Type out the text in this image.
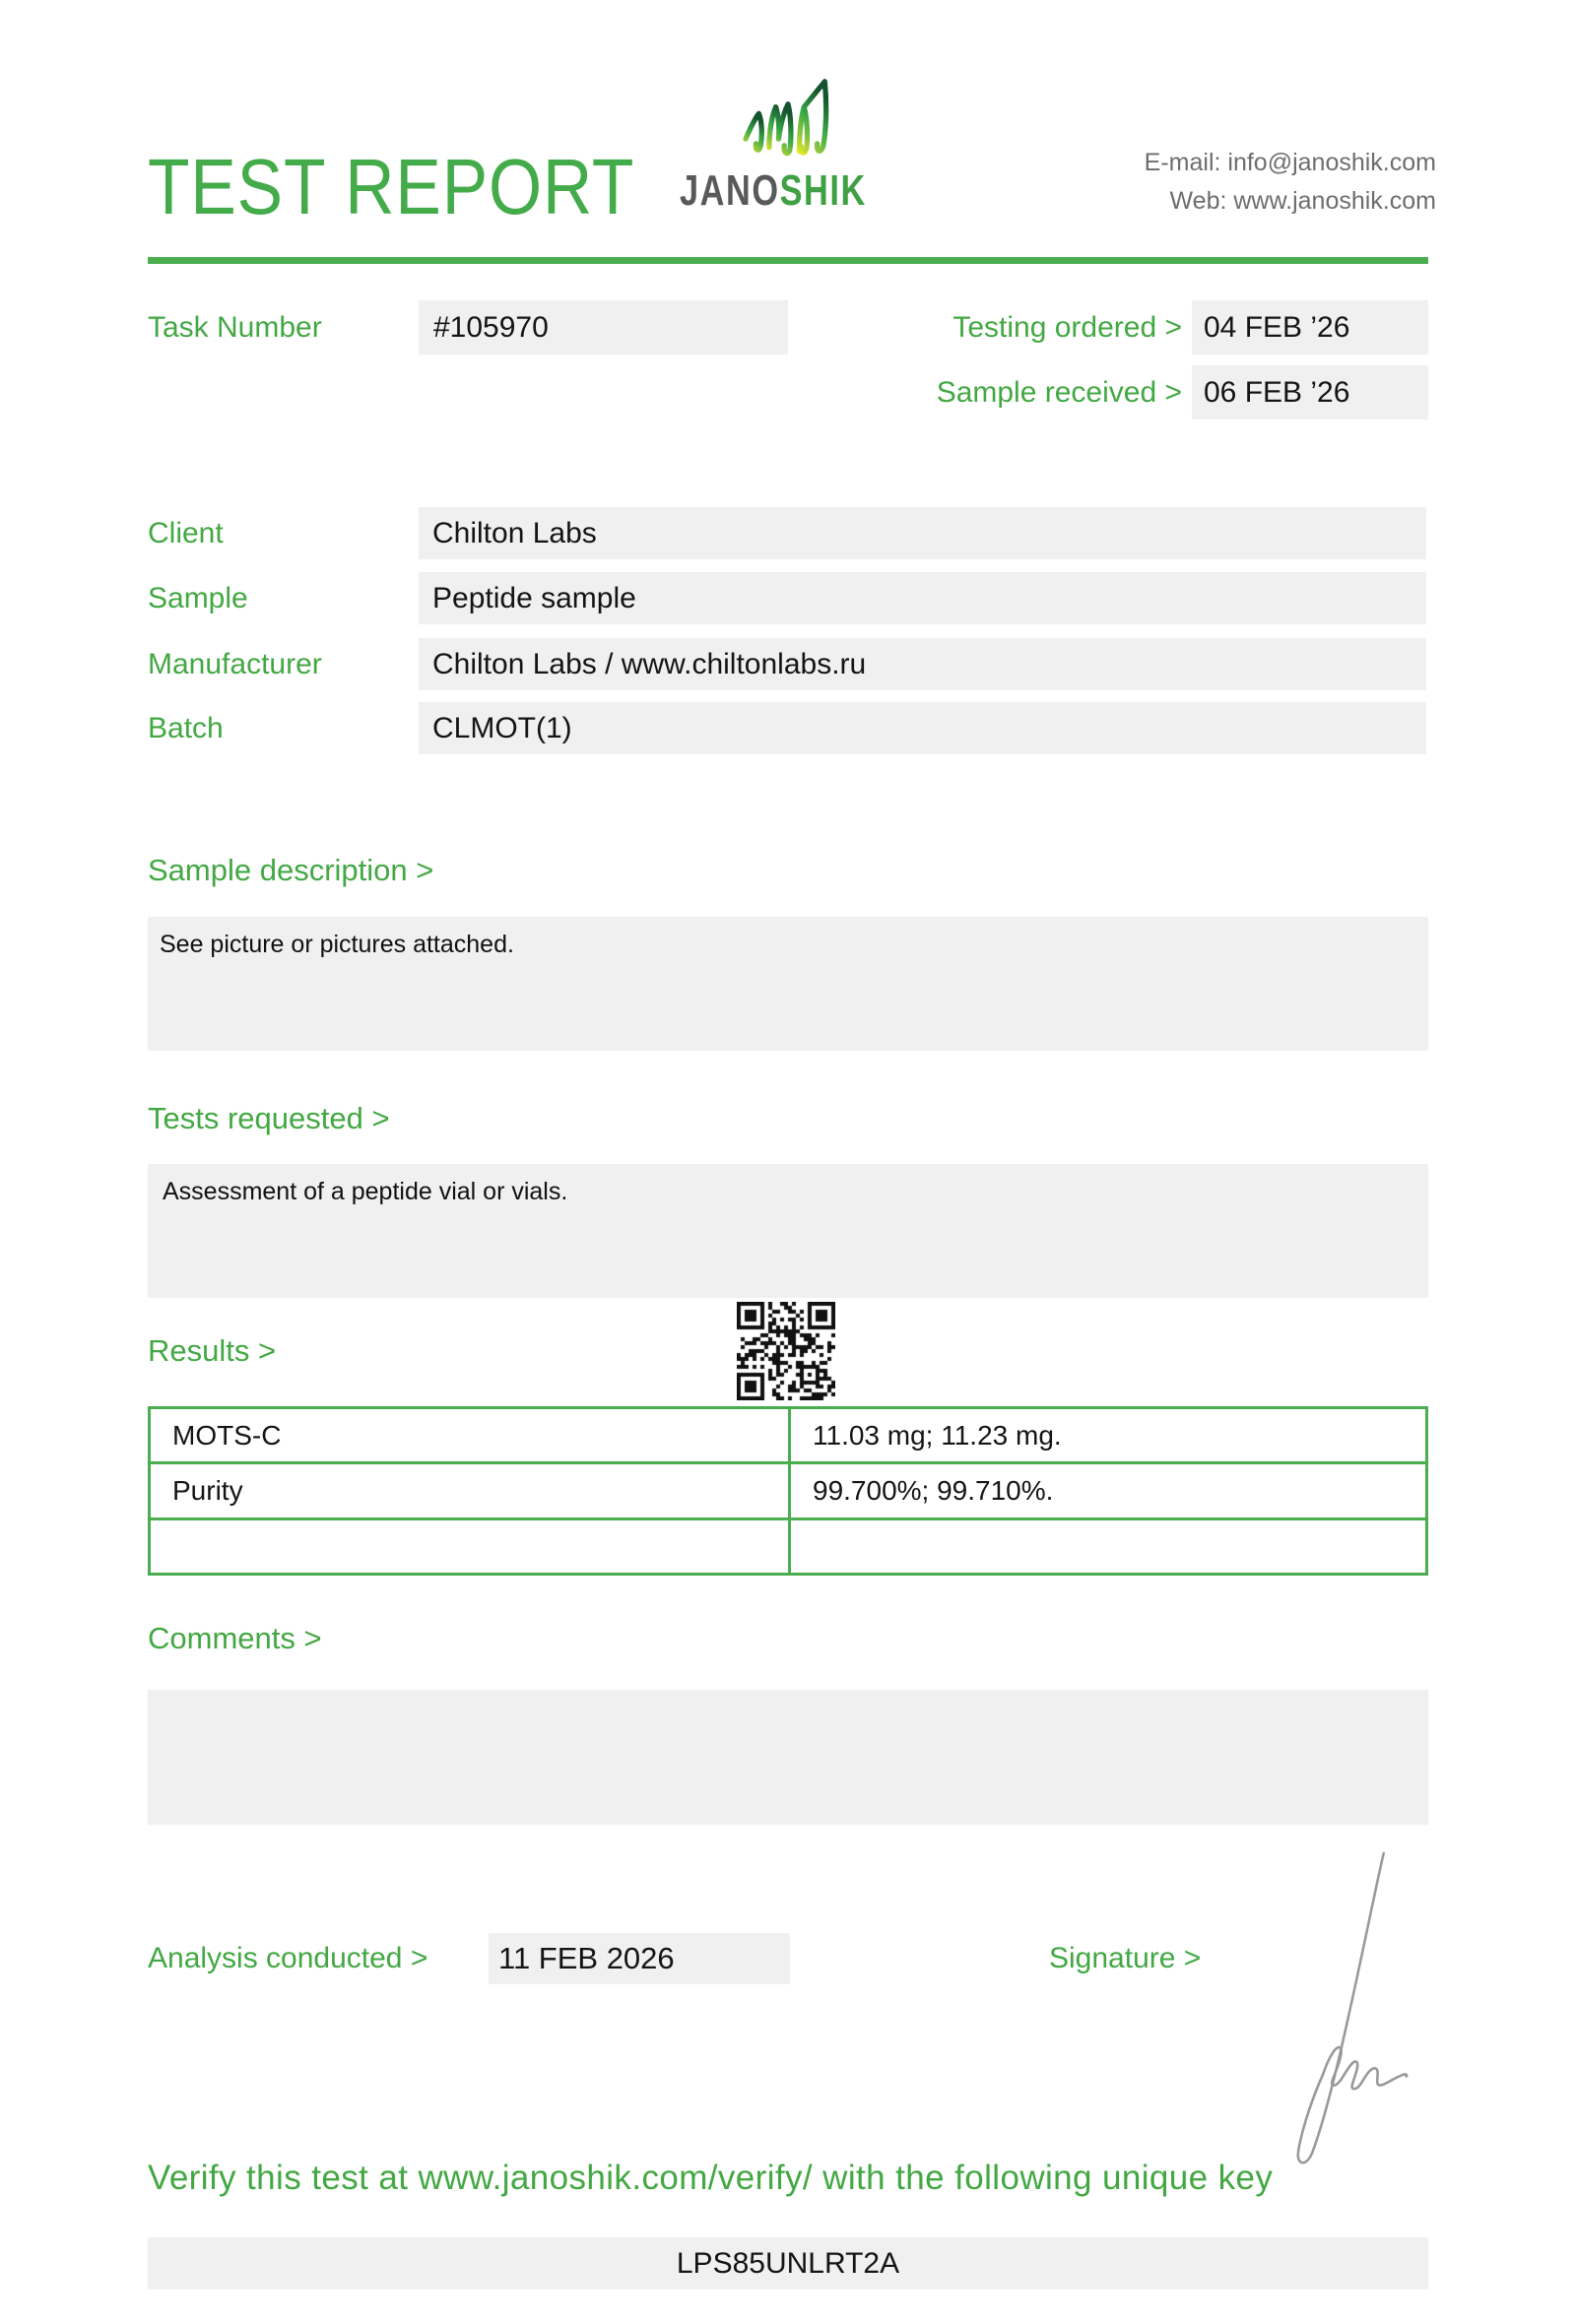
TEST REPORT JANOSHIK
E-mail: info@janoshik.com
Web: www.janoshik.com
Task Number	#105970	Testing ordered > 04 FEB ’26
Sample received > 06 FEB ’26
Client	Chilton Labs
Sample	Peptide sample
Manufacturer	Chilton Labs / www.chiltonlabs.ru
Batch	CLMOT(1)
Sample description >
See picture or pictures attached.
Tests requested >
Assessment of a peptide vial or vials.
Results >
MOTS-C	11.03 mg; 11.23 mg.
Purity	99.700%; 99.710%.
Comments >
Analysis conducted >	11 FEB 2026	Signature >
Verify this test at www.janoshik.com/verify/ with the following unique key
LPS85UNLRT2A
